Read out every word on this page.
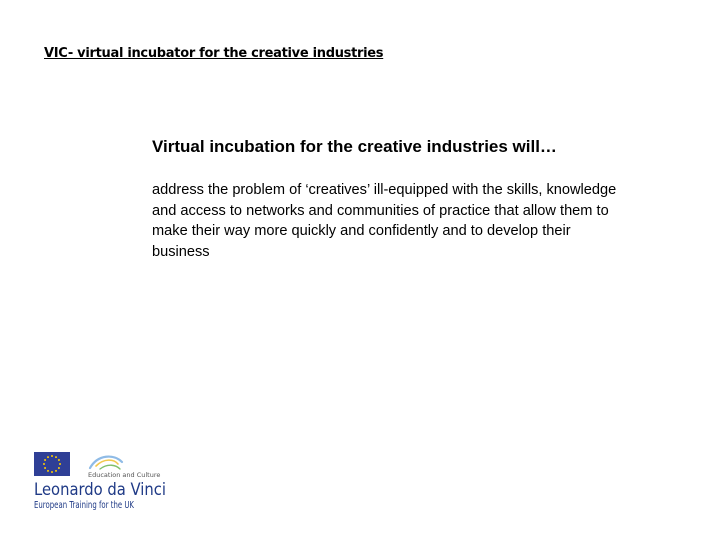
VIC- virtual incubator for the creative industries
Virtual incubation for the creative industries will…
address the problem of ‘creatives’ ill-equipped with the skills, knowledge and access to networks and communities of practice that allow them to make their way more quickly and confidently and to develop their business
Education and Culture
Leonardo da Vinci
European Training for the UK
